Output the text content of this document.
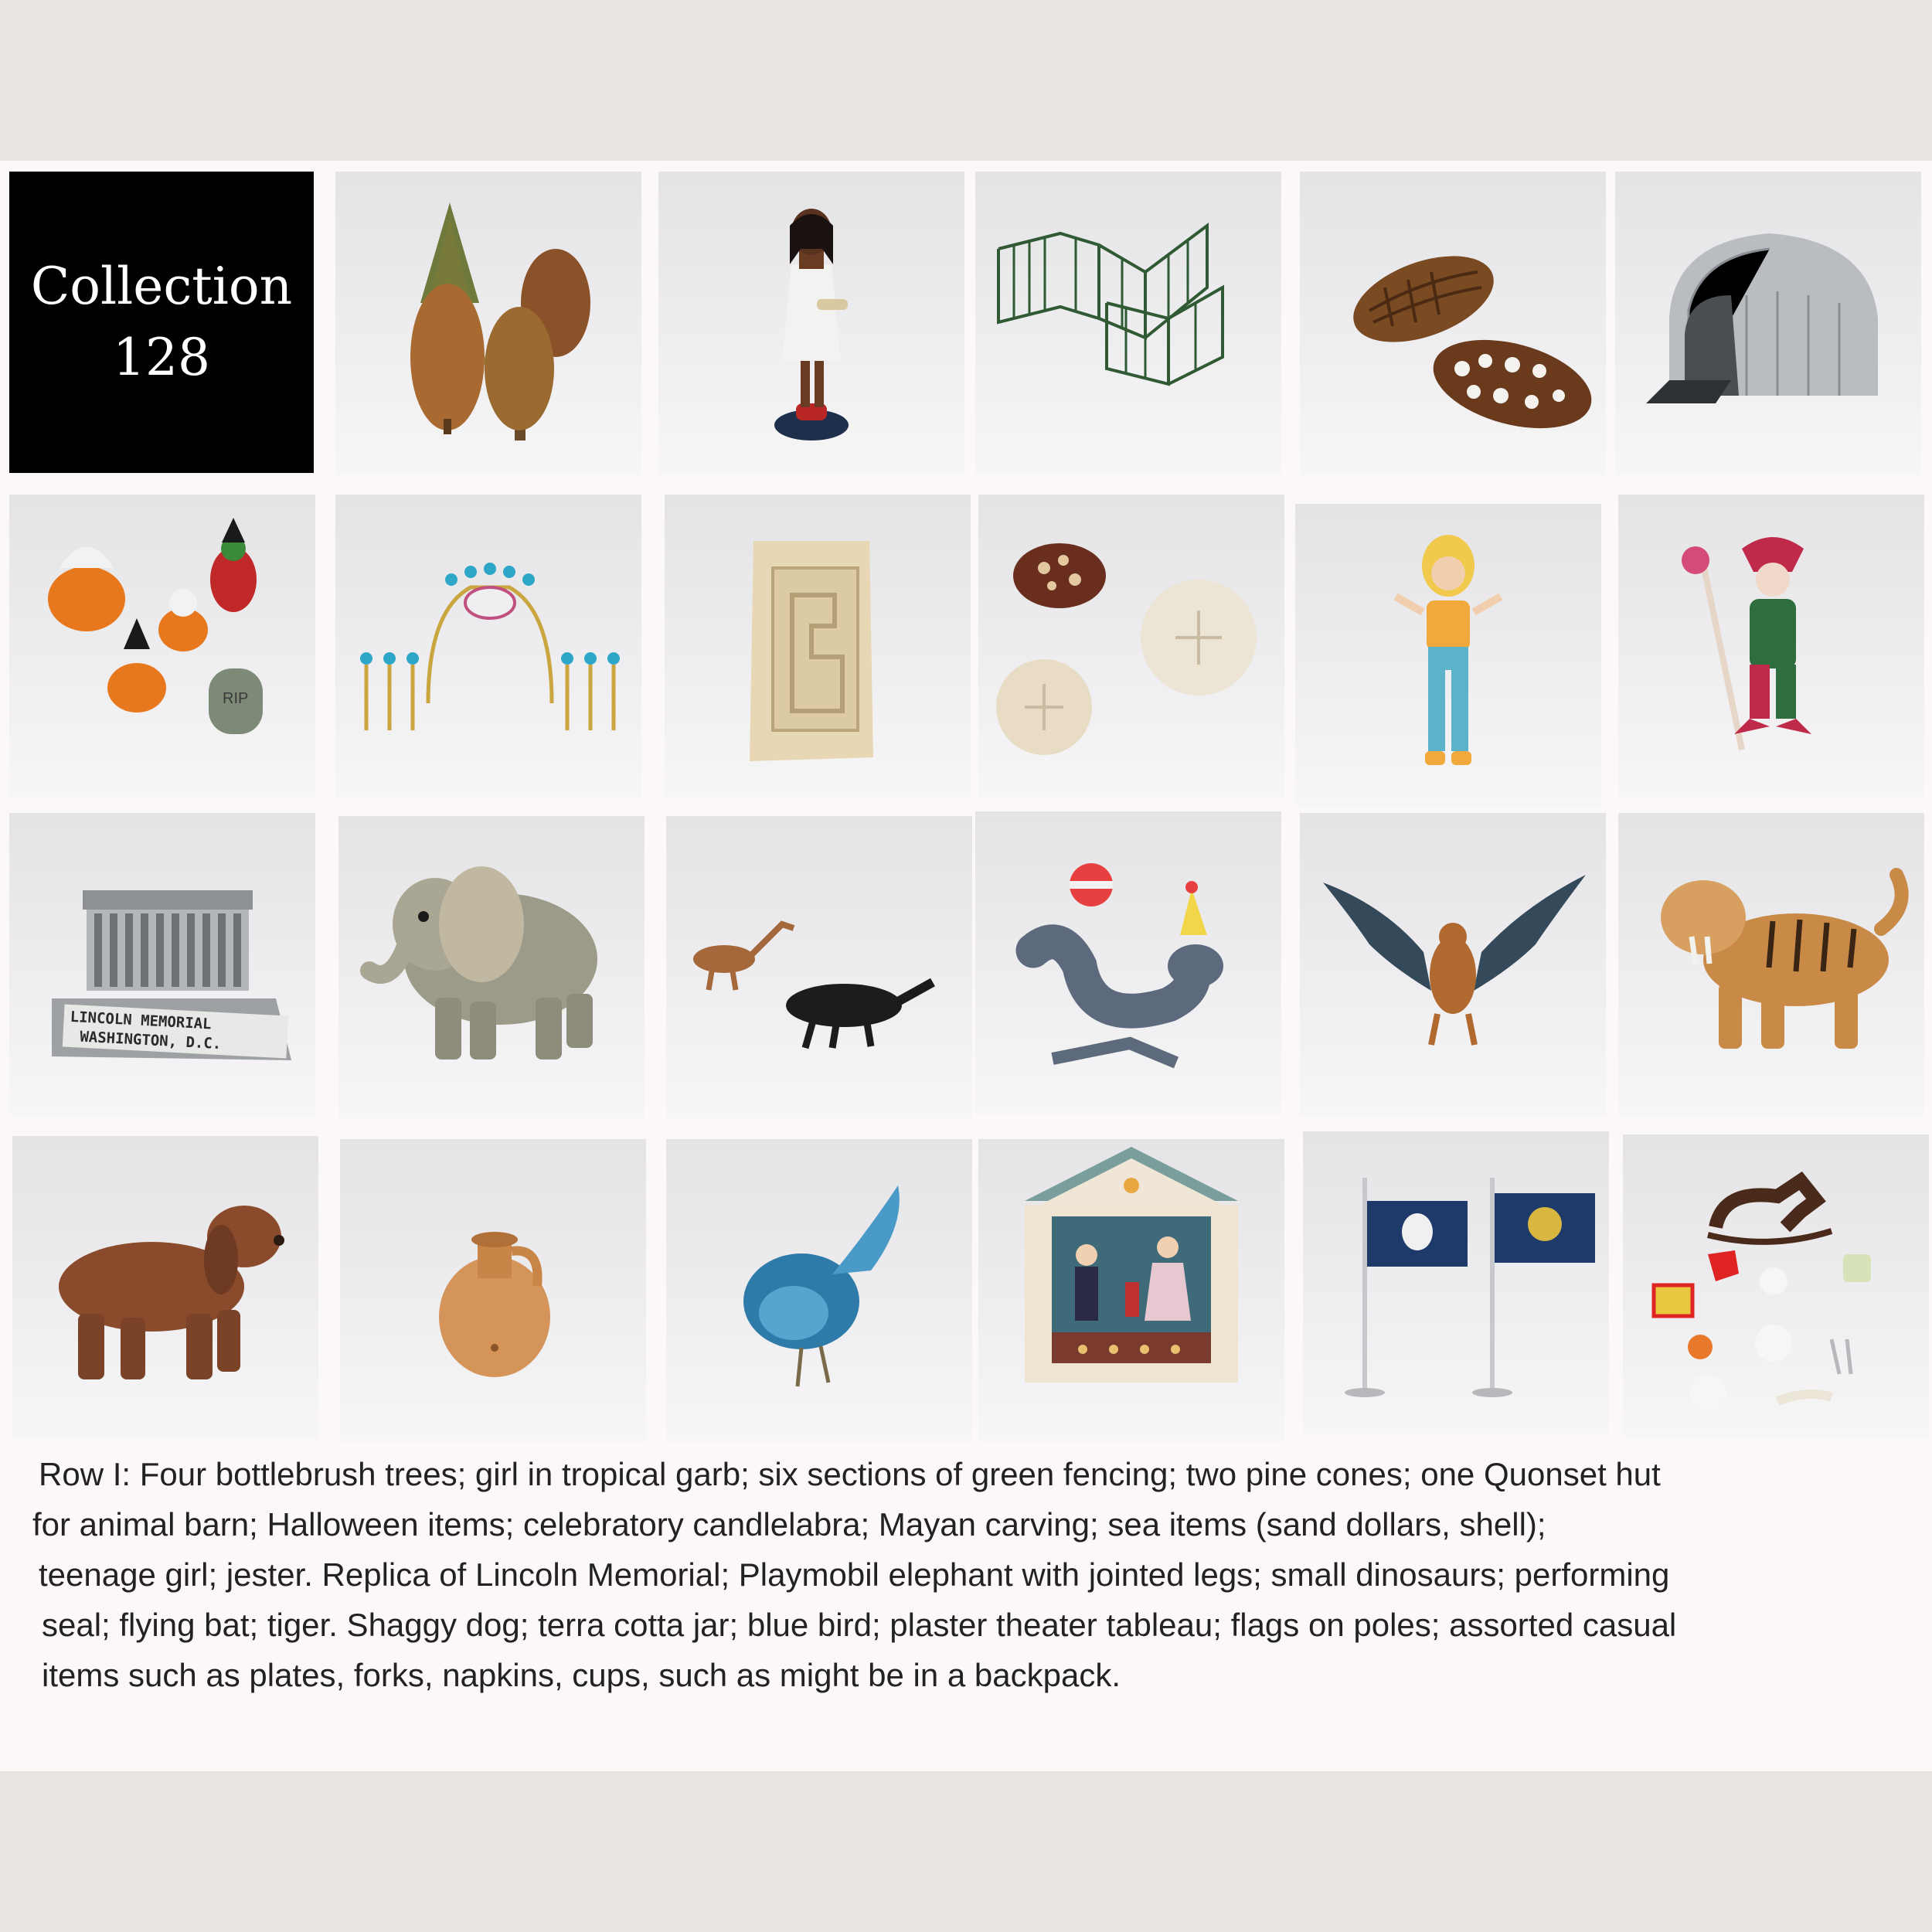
Collection
128
RIP
LINCOLN MEMORIAL
WASHINGTON, D.C.
Row I: Four bottlebrush trees; girl in tropical garb; six sections of green fencing; two pine cones; one Quonset hut
for animal barn; Halloween items; celebratory candlelabra; Mayan carving; sea items (sand dollars, shell);
teenage girl; jester. Replica of Lincoln Memorial; Playmobil elephant with jointed legs; small dinosaurs; performing
seal; flying bat; tiger. Shaggy dog; terra cotta jar; blue bird; plaster theater tableau; flags on poles; assorted casual
items such as plates, forks, napkins, cups, such as might be in a backpack.
